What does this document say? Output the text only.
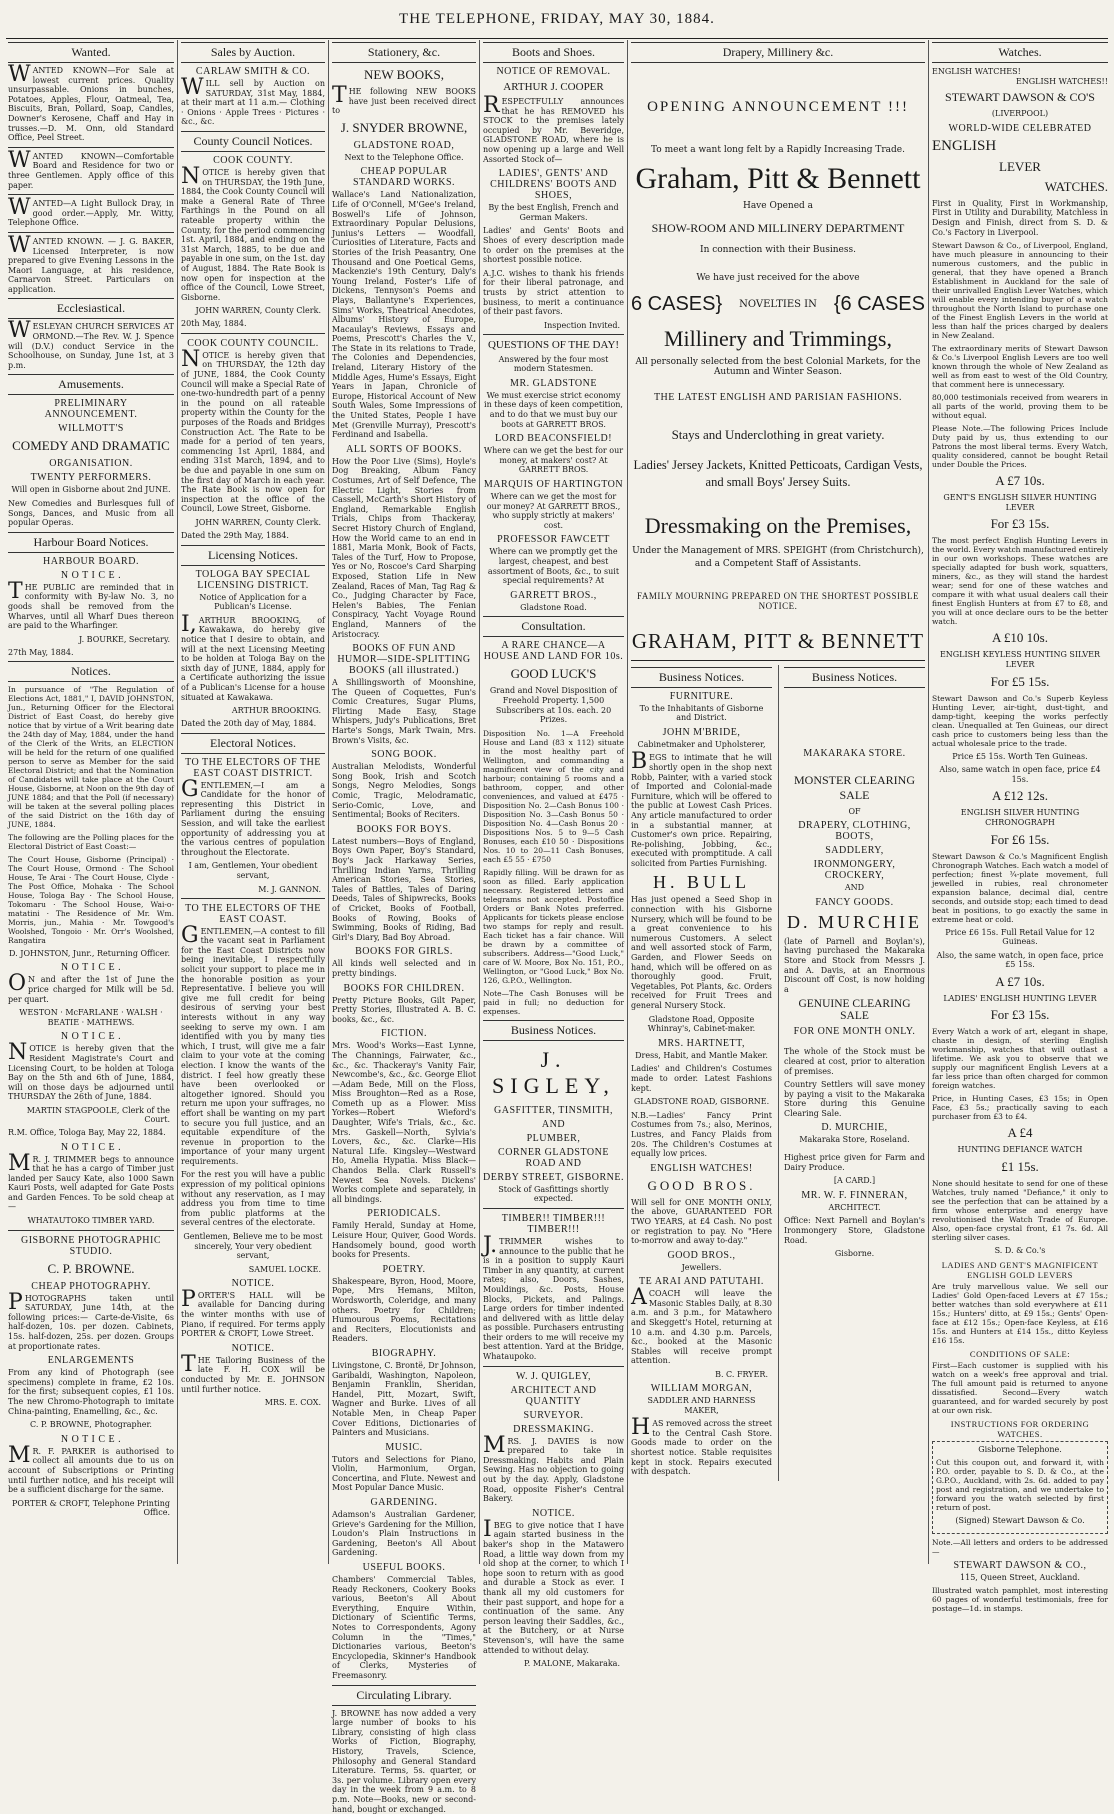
THE TELEPHONE, FRIDAY, MAY 30, 1884.
Wanted.

WANTED KNOWN—For Sale at lowest current prices. Quality unsurpassable. Onions in bunches, Potatoes, Apples, Flour, Oatmeal, Tea, Biscuits, Bran, Pollard, Soap, Candles, Downer's Kerosene, Chaff and Hay in trusses.—D. M. Onn, old Standard Office, Peel Street.

WANTED KNOWN—Comfortable Board and Residence for two or three Gentlemen. Apply office of this paper.

WANTED—A Light Bullock Dray, in good order.—Apply, Mr. Witty, Telephone Office.

WANTED KNOWN. — J. G. BAKER, Licensed Interpreter, is now prepared to give Evening Lessons in the Maori Language, at his residence, Carnarvon Street. Particulars on application.

Ecclesiastical.

WESLEYAN CHURCH SERVICES AT ORMOND.—The Rev. W. J. Spence will (D.V.) conduct Service in the Schoolhouse, on Sunday, June 1st, at 3 p.m.

Amusements.
PRELIMINARY ANNOUNCEMENT.
WILLMOTT'S
COMEDY AND DRAMATIC
ORGANISATION.
TWENTY PERFORMERS.
Will open in Gisborne about 2nd JUNE.

New Comedies and Burlesques full of Songs, Dances, and Music from all popular Operas.

Harbour Board Notices.
HARBOUR BOARD.
N O T I C E .

THE PUBLIC are reminded that in conformity with By-law No. 3, no goods shall be removed from the Wharves, until all Wharf Dues thereon are paid to the Wharfinger.

J. BOURKE, Secretary.
27th May, 1884.
Notices.

In pursuance of "The Regulation of Elections Act, 1881," I, DAVID JOHNSTON, Jun., Returning Officer for the Electoral District of East Coast, do hereby give notice that by virtue of a Writ bearing date the 24th day of May, 1884, under the hand of the Clerk of the Writs, an ELECTION will be held for the return of one qualified person to serve as Member for the said Electoral District; and that the Nomination of Candidates will take place at the Court House, Gisborne, at Noon on the 9th day of JUNE 1884; and that the Poll (if necessary) will be taken at the several polling places of the said District on the 16th day of JUNE, 1884.

The following are the Polling places for the Electoral District of East Coast:—

The Court House, Gisborne (Principal) · The Court House, Ormond · The School House, Te Arai · The Court House, Clyde · The Post Office, Mohaka · The School House, Tologa Bay · The School House, Tokomaru · The School House, Wai-o-matatini · The Residence of Mr. Wm. Morris, jun., Mahia · Mr. Towgood's Woolshed, Tongoio · Mr. Orr's Woolshed, Rangatira

D. JOHNSTON, Junr., Returning Officer.
N O T I C E .

ON and after the 1st of June the price charged for Milk will be 5d. per quart.

WESTON · McFARLANE · WALSH · BEATIE · MATHEWS.

N O T I C E .

NOTICE is hereby given that the Resident Magistrate's Court and Licensing Court, to be holden at Tologa Bay on the 5th and 6th of June, 1884, will on those days be adjourned until THURSDAY the 26th of June, 1884.

MARTIN STAGPOOLE, Clerk of the Court.
R.M. Office, Tologa Bay, May 22, 1884.
N O T I C E .

MR. J. TRIMMER begs to announce that he has a cargo of Timber just landed per Saucy Kate, also 1000 Sawn Kauri Posts, well adapted for Gate Posts and Garden Fences. To be sold cheap at—

WHATAUTOKO TIMBER YARD.
GISBORNE PHOTOGRAPHIC STUDIO.
C. P. BROWNE.
CHEAP PHOTOGRAPHY.

PHOTOGRAPHS taken until SATURDAY, June 14th, at the following prices:— Carte-de-Visite, 6s half-dozen, 10s. per dozen. Cabinets, 15s. half-dozen, 25s. per dozen. Groups at proportionate rates.

ENLARGEMENTS

From any kind of Photograph (see specimens) complete in frame, £2 10s. for the first; subsequent copies, £1 10s. The new Chromo-Photograph to imitate China-painting, Enamelling, &c., &c.

C. P. BROWNE, Photographer.
N O T I C E .

MR. F. PARKER is authorised to collect all amounts due to us on account of Subscriptions or Printing until further notice, and his receipt will be a sufficient discharge for the same.

PORTER & CROFT, Telephone Printing Office.
Sales by Auction.
CARLAW SMITH & CO.

WILL sell by Auction on SATURDAY, 31st May, 1884, at their mart at 11 a.m.— Clothing · Onions · Apple Trees · Pictures · &c., &c.

County Council Notices.
COOK COUNTY.

NOTICE is hereby given that on THURSDAY, the 19th June, 1884, the Cook County Council will make a General Rate of Three Farthings in the Pound on all rateable property within the County, for the period commencing 1st. April, 1884, and ending on the 31st March, 1885, to be due and payable in one sum, on the 1st. day of August, 1884. The Rate Book is now open for inspection at the office of the Council, Lowe Street, Gisborne.

JOHN WARREN, County Clerk.
20th May, 1884.
COOK COUNTY COUNCIL.

NOTICE is hereby given that on THURSDAY, the 12th day of JUNE, 1884, the Cook County Council will make a Special Rate of one-two-hundredth part of a penny in the pound on all rateable property within the County for the purposes of the Roads and Bridges Construction Act. The Rate to be made for a period of ten years, commencing 1st April, 1884, and ending 31st March, 1894, and to be due and payable in one sum on the first day of March in each year. The Rate Book is now open for inspection at the office of the Council, Lowe Street, Gisborne.

JOHN WARREN, County Clerk.
Dated the 29th May, 1884.
Licensing Notices.
TOLOGA BAY SPECIAL LICENSING DISTRICT.
Notice of Application for a Publican's License.

I,ARTHUR BROOKING, of Kawakawa, do hereby give notice that I desire to obtain, and will at the next Licensing Meeting to be holden at Tologa Bay on the sixth day of JUNE, 1884, apply for a Certificate authorizing the issue of a Publican's License for a house situated at Kawakawa.

ARTHUR BROOKING.
Dated the 20th day of May, 1884.
Electoral Notices.
TO THE ELECTORS OF THE EAST COAST DISTRICT.

GENTLEMEN,—I am a Candidate for the honor of representing this District in Parliament during the ensuing Session, and will take the earliest opportunity of addressing you at the various centres of population throughout the Electorate.

I am, Gentlemen, Your obedient servant,
M. J. GANNON.
TO THE ELECTORS OF THE EAST COAST.

GENTLEMEN,—A contest to fill the vacant seat in Parliament for the East Coast Districts now being inevitable, I respectfully solicit your support to place me in the honorable position as your Representative. I believe you will give me full credit for being desirous of serving your best interests without in any way seeking to serve my own. I am identified with you by many ties which, I trust, will give me a fair claim to your vote at the coming election. I know the wants of the district. I feel how greatly these have been overlooked or altogether ignored. Should you return me upon your suffrages, no effort shall be wanting on my part to secure you full justice, and an equitable expenditure of the revenue in proportion to the importance of your many urgent requirements.

For the rest you will have a public expression of my political opinions without any reservation, as I may address you from time to time from public platforms at the several centres of the electorate.

Gentlemen, Believe me to be most sincerely, Your very obedient servant,
SAMUEL LOCKE.
NOTICE.

PORTER'S HALL will be available for Dancing during the winter months with use of Piano, if required. For terms apply PORTER & CROFT, Lowe Street.

NOTICE.

THE Tailoring Business of the late F. H. COX will be conducted by Mr. E. JOHNSON until further notice.

MRS. E. COX.
Stationery, &c.
NEW BOOKS,

THE following NEW BOOKS have just been received direct to

J. SNYDER BROWNE,
GLADSTONE ROAD,
Next to the Telephone Office.
CHEAP POPULAR STANDARD WORKS.

Wallace's Land Nationalization, Life of O'Connell, M'Gee's Ireland, Boswell's Life of Johnson, Extraordinary Popular Delusions, Junius's Letters — Woodfall, Curiosities of Literature, Facts and Stories of the Irish Peasantry, One Thousand and One Poetical Gems, Mackenzie's 19th Century, Daly's Young Ireland, Foster's Life of Dickens, Tennyson's Poems and Plays, Ballantyne's Experiences, Sims' Works, Theatrical Anecdotes, Albums' History of Europe, Macaulay's Reviews, Essays and Poems, Prescott's Charles the V., The State in its relations to Trade, The Colonies and Dependencies, Ireland, Literary History of the Middle Ages, Hume's Essays, Eight Years in Japan, Chronicle of Europe, Historical Account of New South Wales, Some Impressions of the United States, People I have Met (Grenville Murray), Prescott's Ferdinand and Isabella.

ALL SORTS OF BOOKS.

How the Poor Live (Sims), Hoyle's Dog Breaking, Album Fancy Costumes, Art of Self Defence, The Electric Light, Stories from Cassell, McCarth's Short History of England, Remarkable English Trials, Chips from Thackeray, Secret History Church of England, How the World came to an end in 1881, Maria Monk, Book of Facts, Tales of the Turf, How to Propose, Yes or No, Roscoe's Card Sharping Exposed, Station Life in New Zealand, Races of Man, Tag Rag & Co., Judging Character by Face, Helen's Babies, The Fenian Conspiracy, Yacht Voyage Round England, Manners of the Aristocracy.

BOOKS OF FUN AND HUMOR—SIDE-SPLITTING BOOKS (all illustrated.)

A Shillingsworth of Moonshine, The Queen of Coquettes, Fun's Comic Creatures, Sugar Plums, Flirting Made Easy, Stage Whispers, Judy's Publications, Bret Harte's Songs, Mark Twain, Mrs. Brown's Visits, &c.

SONG BOOK.

Australian Melodists, Wonderful Song Book, Irish and Scotch Songs, Negro Melodies, Songs Comic, Tragic, Melodramatic, Serio-Comic, Love, and Sentimental; Books of Reciters.

BOOKS FOR BOYS.

Latest numbers—Boys of England, Boys Own Paper, Boy's Standard, Boy's Jack Harkaway Series, Thrilling Indian Yarns, Thrilling American Stories, Sea Stories, Tales of Battles, Tales of Daring Deeds, Tales of Shipwrecks, Books of Cricket, Books of Football, Books of Rowing, Books of Swimming, Books of Riding, Bad Girl's Diary, Bad Boy Abroad.

BOOKS FOR GIRLS.

All kinds well selected and in pretty bindings.

BOOKS FOR CHILDREN.

Pretty Picture Books, Gilt Paper, Pretty Stories, Illustrated A. B. C. books, &c., &c.

FICTION.

Mrs. Wood's Works—East Lynne, The Channings, Fairwater, &c., &c., &c. Thackeray's Vanity Fair, Newcombe's, &c., &c. George Eliot—Adam Bede, Mill on the Floss, Miss Broughton—Red as a Rose, Cometh up as a Flower. Miss Yorkes—Robert Wieford's Daughter, Wife's Trials, &c., &c. Mrs. Gaskell—North, Sylvia's Lovers, &c., &c. Clarke—His Natural Life. Kingsley—Westward Ho, Amelia Hypatia. Miss Black—Chandos Bella. Clark Russell's Newest Sea Novels. Dickens' Works complete and separately, in all bindings.

PERIODICALS.

Family Herald, Sunday at Home, Leisure Hour, Quiver, Good Words. Handsomely bound, good worth books for Presents.

POETRY.

Shakespeare, Byron, Hood, Moore, Pope, Mrs Hemans, Milton, Wordsworth, Coleridge, and many others. Poetry for Children; Humourous Poems, Recitations and Reciters, Elocutionists and Readers.

BIOGRAPHY.

Livingstone, C. Brontë, Dr Johnson, Garibaldi, Washington, Napoleon, Benjamin Franklin, Sheridan, Handel, Pitt, Mozart, Swift, Wagner and Burke. Lives of all Notable Men, in Cheap Paper Cover Editions, Dictionaries of Painters and Musicians.

MUSIC.

Tutors and Selections for Piano, Violin, Harmonium, Organ, Concertina, and Flute. Newest and Most Popular Dance Music.

GARDENING.

Adamson's Australian Gardener, Grieve's Gardening for the Million, Loudon's Plain Instructions in Gardening, Beeton's All About Gardening.

USEFUL BOOKS.

Chambers' Commercial Tables, Ready Reckoners, Cookery Books various, Beeton's All About Everything, Enquire Within, Dictionary of Scientific Terms, Notes to Correspondents, Agony Column in the "Times," Dictionaries various, Beeton's Encyclopedia, Skinner's Handbook of Clerks, Mysteries of Freemasonry.

Circulating Library.

J. BROWNE has now added a very large number of books to his Library, consisting of high class Works of Fiction, Biography, History, Travels, Science, Philosophy and General Standard Literature. Terms, 5s. quarter, or 3s. per volume. Library open every day in the week from 9 a.m. to 8 p.m. Note—Books, new or second-hand, bought or exchanged.

Boots and Shoes.
NOTICE OF REMOVAL.
ARTHUR J. COOPER

RESPECTFULLY announces that he has REMOVED his STOCK to the premises lately occupied by Mr. Beveridge, GLADSTONE ROAD, where he is now opening up a large and Well Assorted Stock of—

LADIES', GENTS' AND CHILDRENS' BOOTS AND SHOES,
By the best English, French and German Makers.

Ladies' and Gents' Boots and Shoes of every description made to order on the premises at the shortest possible notice.

A.J.C. wishes to thank his friends for their liberal patronage, and trusts by strict attention to business, to merit a continuance of their past favors.

Inspection Invited.
QUESTIONS OF THE DAY!
Answered by the four most modern Statesmen.
MR. GLADSTONE

We must exercise strict economy in these days of keen competition, and to do that we must buy our boots at GARRETT BROS.

LORD BEACONSFIELD!

Where can we get the best for our money, at makers' cost? At GARRETT BROS.

MARQUIS OF HARTINGTON

Where can we get the most for our money? At GARRETT BROS., who supply strictly at makers' cost.

PROFESSOR FAWCETT

Where can we promptly get the largest, cheapest, and best assortment of Boots, &c., to suit special requirements? At

GARRETT BROS.,
Gladstone Road.
Consultation.
A RARE CHANCE—A HOUSE AND LAND FOR 10s.
GOOD LUCK'S

Grand and Novel Disposition of Freehold Property. 1,500 Subscribers at 10s. each. 20 Prizes.

Disposition No. 1—A Freehold House and Land (83 x 112) situate in the most healthy part of Wellington, and commanding a magnificent view of the city and harbour; containing 5 rooms and a bathroom, copper, and other conveniences, and valued at £475 · Disposition No. 2—Cash Bonus 100 · Disposition No. 3—Cash Bonus 50 · Disposition No. 4—Cash Bonus 20 · Dispositions Nos. 5 to 9—5 Cash Bonuses, each £10 50 · Dispositions Nos. 10 to 20—11 Cash Bonuses, each £5 55 · £750

Rapidly filling. Will be drawn for as soon as filled. Early application necessary. Registered letters and telegrams not accepted. Postoffice Orders or Bank Notes preferred. Applicants for tickets please enclose two stamps for reply and result. Each ticket has a fair chance. Will be drawn by a committee of subscribers. Address—"Good Luck," care of W. Moore, Box No. 151, P.O., Wellington, or "Good Luck," Box No. 126, G.P.O., Wellington.

Note—The Cash Bonuses will be paid in full; no deduction for expenses.

Business Notices.
J. SIGLEY,
GASFITTER, TINSMITH,
AND
PLUMBER,
CORNER GLADSTONE ROAD AND
DERBY STREET, GISBORNE.
Stock of Gasfittings shortly expected.
TIMBER!! TIMBER!!! TIMBER!!!

J.TRIMMER wishes to announce to the public that he is in a position to supply Kauri Timber in any quantity, at current rates; also, Doors, Sashes, Mouldings, &c. Posts, House Blocks, Pickets, and Palings. Large orders for timber indented and delivered with as little delay as possible. Purchasers entrusting their orders to me will receive my best attention. Yard at the Bridge, Whataupoko.

W. J. QUIGLEY,
ARCHITECT AND QUANTITY
SURVEYOR.
DRESSMAKING.

MRS. J. DAVIES is now prepared to take in Dressmaking. Habits and Plain Sewing. Has no objection to going out by the day. Apply, Gladstone Road, opposite Fisher's Central Bakery.

NOTICE.

IBEG to give notice that I have again started business in the baker's shop in the Matawero Road, a little way down from my old shop at the corner, to which I hope soon to return with as good and durable a Stock as ever. I thank all my old customers for their past support, and hope for a continuation of the same. Any person leaving their Saddles, &c., at the Butchery, or at Nurse Stevenson's, will have the same attended to without delay.

P. MALONE, Makaraka.
Drapery, Millinery &c.
OPENING ANNOUNCEMENT !!!
To meet a want long felt by a Rapidly Increasing Trade.
Graham, Pitt & Bennett
Have Opened a
SHOW-ROOM AND MILLINERY DEPARTMENT
In connection with their Business.
We have just received for the above
6 CASES} NOVELTIES IN {6 CASES
Millinery and Trimmings,

All personally selected from the best Colonial Markets, for the Autumn and Winter Season.

THE LATEST ENGLISH AND PARISIAN FASHIONS.
Stays and Underclothing in great variety.
Ladies' Jersey Jackets, Knitted Petticoats, Cardigan Vests, and small Boys' Jersey Suits.
Dressmaking on the Premises,

Under the Management of MRS. SPEIGHT (from Christchurch), and a Competent Staff of Assistants.

FAMILY MOURNING PREPARED ON THE SHORTEST POSSIBLE NOTICE.
GRAHAM, PITT & BENNETT
Business Notices.
FURNITURE.
To the Inhabitants of Gisborne and District.
JOHN M'BRIDE,
Cabinetmaker and Upholsterer,

BEGS to intimate that he will shortly open in the shop next Robb, Painter, with a varied stock of Imported and Colonial-made Furniture, which will be offered to the public at Lowest Cash Prices. Any article manufactured to order in a substantial manner, at Customer's own price. Repairing, Re-polishing, Jobbing, &c., executed with promptitude. A call solicited from Parties Furnishing.

H. BULL

Has just opened a Seed Shop in connection with his Gisborne Nursery, which will be found to be a great convenience to his numerous Customers. A select and well assorted stock of Farm, Garden, and Flower Seeds on hand, which will be offered on as thoroughly good. Fruit, Vegetables, Pot Plants, &c. Orders received for Fruit Trees and general Nursery Stock.

Gladstone Road, Opposite Whinray's, Cabinet-maker.
MRS. HARTNETT,
Dress, Habit, and Mantle Maker.

Ladies' and Children's Costumes made to order. Latest Fashions kept.

GLADSTONE ROAD, GISBORNE.

N.B.—Ladies' Fancy Print Costumes from 7s.; also, Merinos, Lustres, and Fancy Plaids from 20s. The Children's Costumes at equally low prices.

ENGLISH WATCHES!
GOOD BROS.

Will sell for ONE MONTH ONLY, the above, GUARANTEED FOR TWO YEARS, at £4 Cash. No post or registration to pay. No "Here to-morrow and away to-day."

GOOD BROS.,
Jewellers.
TE ARAI AND PATUTAHI.

ACOACH will leave the Masonic Stables Daily, at 8.30 a.m. and 3 p.m., for Matawhero and Skeggett's Hotel, returning at 10 a.m. and 4.30 p.m. Parcels, &c., booked at the Masonic Stables will receive prompt attention.

B. C. FRYER.
WILLIAM MORGAN,
SADDLER AND HARNESS MAKER,

HAS removed across the street to the Central Cash Store. Goods made to order on the shortest notice. Stable requisites kept in stock. Repairs executed with despatch.

Business Notices.
MAKARAKA STORE.
MONSTER CLEARING SALE
OF
DRAPERY, CLOTHING, BOOTS,
SADDLERY,
IRONMONGERY, CROCKERY,
AND
FANCY GOODS.
D. MURCHIE

(late of Parnell and Boylan's), having purchased the Makaraka Store and Stock from Messrs J. and A. Davis, at an Enormous Discount off Cost, is now holding a

GENUINE CLEARING SALE
FOR ONE MONTH ONLY.

The whole of the Stock must be cleared at cost, prior to alteration of premises.

Country Settlers will save money by paying a visit to the Makaraka Store during this Genuine Clearing Sale.

D. MURCHIE,
Makaraka Store, Roseland.

Highest price given for Farm and Dairy Produce.

[A CARD.]
MR. W. F. FINNERAN,
ARCHITECT.

Office: Next Parnell and Boylan's Ironmongery Store, Gladstone Road.

Gisborne.
Watches.
ENGLISH WATCHES!
ENGLISH WATCHES!!
STEWART DAWSON & CO'S
(LIVERPOOL)
WORLD-WIDE CELEBRATED
ENGLISH
LEVER
WATCHES.

First in Quality, First in Workmanship, First in Utility and Durability, Matchless in Design and Finish, direct from S. D. & Co.'s Factory in Liverpool.

Stewart Dawson & Co., of Liverpool, England, have much pleasure in announcing to their numerous customers, and the public in general, that they have opened a Branch Establishment in Auckland for the sale of their unrivalled English Lever Watches, which will enable every intending buyer of a watch throughout the North Island to purchase one of the Finest English Levers in the world at less than half the prices charged by dealers in New Zealand.

The extraordinary merits of Stewart Dawson & Co.'s Liverpool English Levers are too well known through the whole of New Zealand as well as from east to west of the Old Country, that comment here is unnecessary.

80,000 testimonials received from wearers in all parts of the world, proving them to be without equal.

Please Note.—The following Prices Include Duty paid by us, thus extending to our Patrons the most liberal terms. Every Watch, quality considered, cannot be bought Retail under Double the Prices.

A £7 10s.
GENT'S ENGLISH SILVER HUNTING LEVER
For £3 15s.

The most perfect English Hunting Levers in the world. Every watch manufactured entirely in our own workshops. These watches are specially adapted for bush work, squatters, miners, &c., as they will stand the hardest wear; send for one of these watches and compare it with what usual dealers call their finest English Hunters at from £7 to £8, and you will at once declare ours to be the better watch.

A £10 10s.
ENGLISH KEYLESS HUNTING SILVER LEVER
For £5 15s.

Stewart Dawson and Co.'s Superb Keyless Hunting Lever, air-tight, dust-tight, and damp-tight, keeping the works perfectly clean. Unequalled at Ten Guineas, our direct cash price to customers being less than the actual wholesale price to the trade.

Price £5 15s. Worth Ten Guineas.
Also, same watch in open face, price £4 15s.
A £12 12s.
ENGLISH SILVER HUNTING CHRONOGRAPH
For £6 15s.

Stewart Dawson & Co.'s Magnificent English Chronograph Watches. Each watch a model of perfection; finest ¾-plate movement, full jewelled in rubies, real chronometer expansion balance, decimal dial, centre seconds, and outside stop; each timed to dead beat in positions, to go exactly the same in extreme heat or cold.

Price £6 15s. Full Retail Value for 12 Guineas.
Also, the same watch, in open face, price £5 15s.
A £7 10s.
LADIES' ENGLISH HUNTING LEVER
For £3 15s.

Every Watch a work of art, elegant in shape, chaste in design, of sterling English workmanship, watches that will outlast a lifetime. We ask you to observe that we supply our magnificent English Levers at a far less price than often charged for common foreign watches.

Price, in Hunting Cases, £3 15s; in Open Face, £3 5s.; practically saving to each purchaser from £3 to £4.

A £4
HUNTING DEFIANCE WATCH
£1 15s.

None should hesitate to send for one of these Watches, truly named "Defiance," it only to see the perfection that can be attained by a firm whose enterprise and energy have revolutionised the Watch Trade of Europe. Also, open-face crystal front, £1 7s. 6d. All sterling silver cases.

S. D. & Co.'s
LADIES AND GENT'S MAGNIFICENT ENGLISH GOLD LEVERS

Are truly marvellous value. We sell our Ladies' Gold Open-faced Levers at £7 15s.; better watches than sold everywhere at £11 15s.; Hunters' ditto, at £9 15s.; Gents' Open-face at £12 15s.; Open-face Keyless, at £16 15s. and Hunters at £14 15s., ditto Keyless £16 15s.

CONDITIONS OF SALE:

First—Each customer is supplied with his watch on a week's free approval and trial. The full amount paid is returned to anyone dissatisfied. Second—Every watch guaranteed, and for warded securely by post at our own risk.

INSTRUCTIONS FOR ORDERING WATCHES.
Gisborne Telephone.

Cut this coupon out, and forward it, with P.O. order, payable to S. D. & Co., at the G.P.O., Auckland, with 2s. 6d. added to pay post and registration, and we undertake to forward you the watch selected by first return of post.

(Signed) Stewart Dawson & Co.

Note.—All letters and orders to be addressed—

STEWART DAWSON & CO.,
115, Queen Street, Auckland.

Illustrated watch pamphlet, most interesting 60 pages of wonderful testimonials, free for postage—1d. in stamps.
